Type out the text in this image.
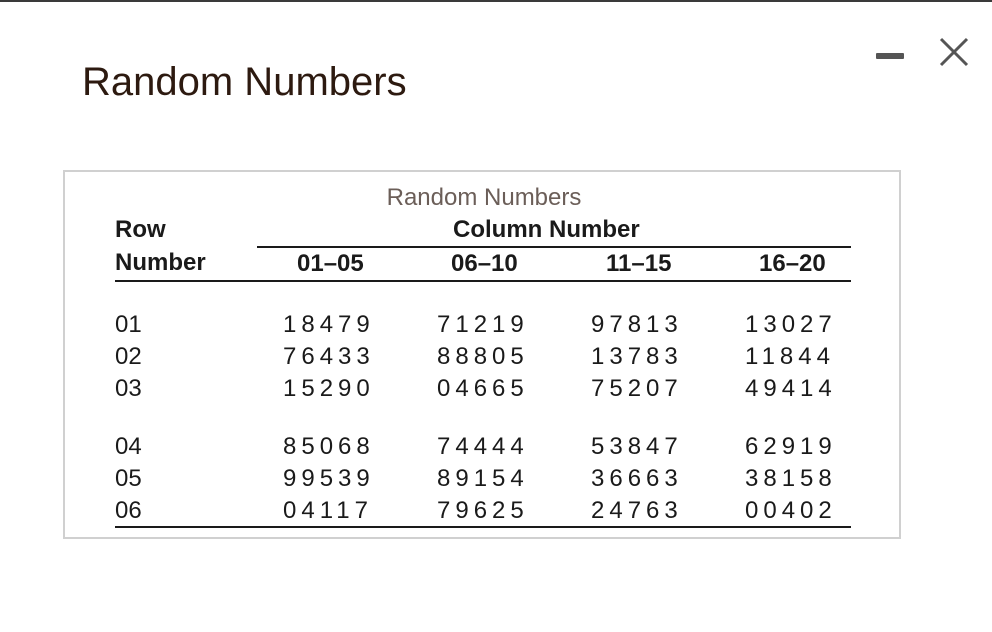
Random Numbers
Random Numbers
Row
Number
Column Number
01–05	06–10	11–15	16–20
01	18479	71219	97813	13027
02	76433	88805	13783	11844
03	15290	04665	75207	49414
04	85068	74444	53847	62919
05	99539	89154	36663	38158
06	04117	79625	24763	00402
